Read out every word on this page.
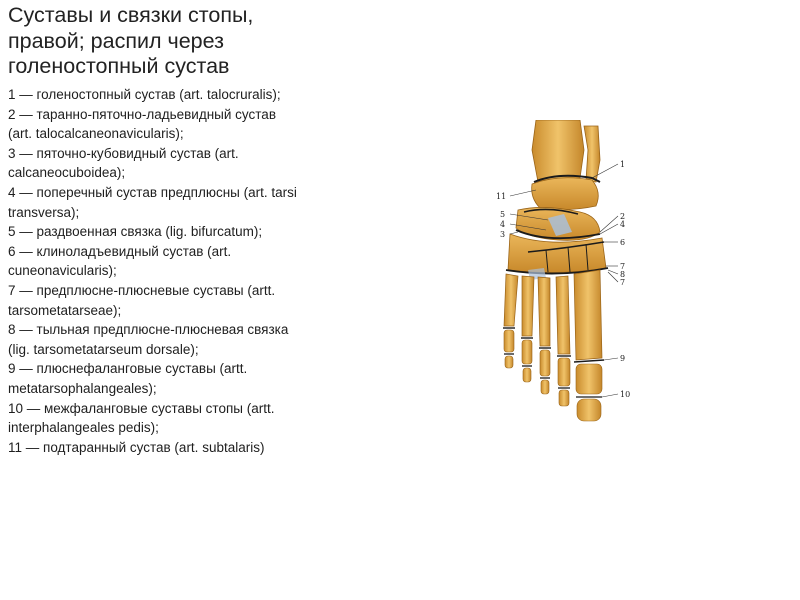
Суставы и связки стопы,
правой; распил через
голеностопный сустав
1 — голеностопный сустав (art. talocruralis);
2 — таранно-пяточно-ладьевидный сустав (art. talocalcaneonavicularis);
3 — пяточно-кубовидный сустав (art. calcaneocuboidea);
4 — поперечный сустав предплюсны (art. tarsi transversa);
5 — раздвоенная связка (lig. bifurcatum);
6 — клиноладъевидный сустав (art. cuneonavicularis);
7 — предплюсне-плюсневые суставы (artt. tarsometatarseae);
8 — тыльная предплюсне-плюсневая связка (lig. tarsometatarseum dorsale);
9 — плюснефаланговые суставы (artt. metatarsophalangeales);
10 — межфаланговые суставы стопы (artt. interphalangeales pedis);
11 — подтаранный сустав (art. subtalaris)
1
2
4
6
7
8
7
9
10
11
5
4
3
